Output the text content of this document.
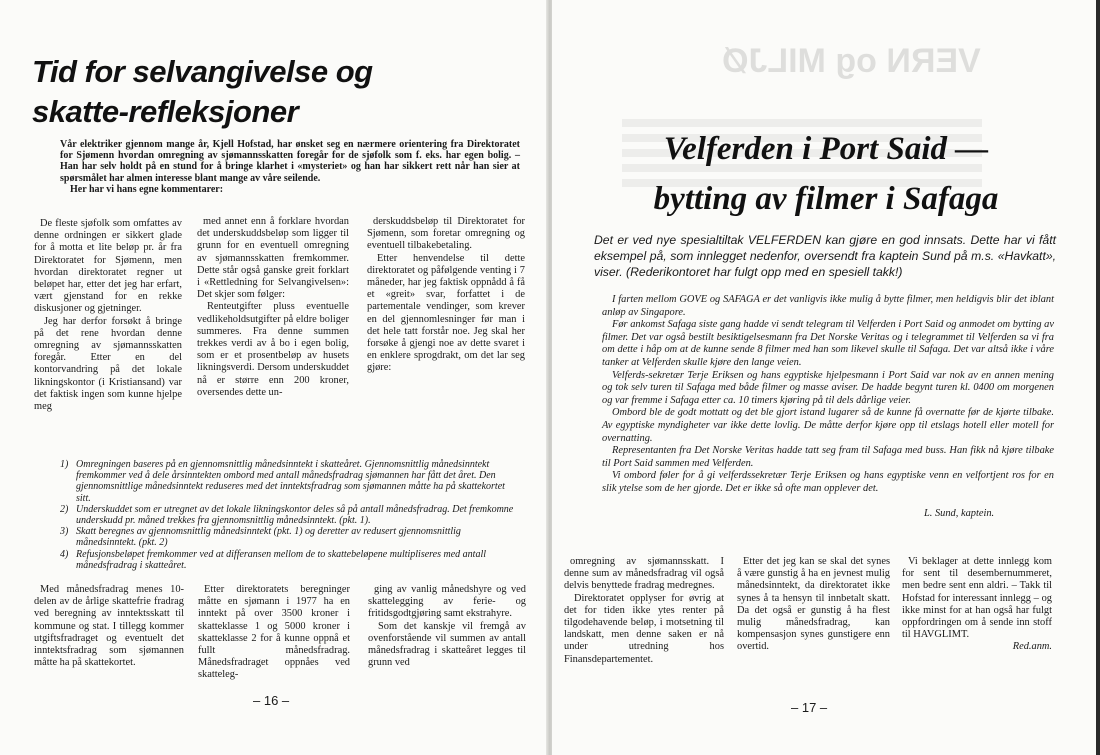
Tid for selvangivelse og
skatte-refleksjoner

Vår elektriker gjennom mange år, Kjell Hofstad, har ønsket seg en nærmere orientering fra Direktoratet for Sjømenn hvordan omregning av sjømannsskatten foregår for de sjøfolk som f. eks. har egen bolig. – Han har selv holdt på en stund for å bringe klarhet i «mysteriet» og han har sikkert rett når han sier at spørsmålet har almen interesse blant mange av våre seilende.

Her har vi hans egne kommentarer:

De fleste sjøfolk som omfattes av denne ordningen er sikkert glade for å motta et lite beløp pr. år fra Direktoratet for Sjømenn, men hvordan direktoratet regner ut beløpet har, etter det jeg har erfart, vært gjenstand for en rekke diskusjoner og gjetninger.

Jeg har derfor forsøkt å bringe på det rene hvordan denne omregning av sjømannsskatten foregår. Etter en del kontorvandring på det lokale likningskontor (i Kristiansand) var det faktisk ingen som kunne hjelpe meg

med annet enn å forklare hvordan det underskuddsbeløp som ligger til grunn for en eventuell omregning av sjømannsskatten fremkommer. Dette står også ganske greit forklart i «Rettledning for Selvangivelsen»: Det skjer som følger:

Renteutgifter pluss eventuelle vedlikeholdsutgifter på eldre boliger summeres. Fra denne summen trekkes verdi av å bo i egen bolig, som er et prosentbeløp av husets likningsverdi. Dersom underskuddet nå er større enn 200 kroner, oversendes dette un-

derskuddsbeløp til Direktoratet for Sjømenn, som foretar omregning og eventuell tilbakebetaling.

Etter henvendelse til dette direktoratet og påfølgende venting i 7 måneder, har jeg faktisk oppnådd å få et «greit» svar, forfattet i de partementale vendinger, som krever en del gjennomlesninger før man i det hele tatt forstår noe. Jeg skal her forsøke å gjengi noe av dette svaret i en enklere sprogdrakt, om det lar seg gjøre:

1) Omregningen baseres på en gjennomsnittlig månedsinntekt i skatteåret. Gjennomsnittlig månedsinntekt fremkommer ved å dele årsinntekten ombord med antall månedsfradrag sjømannen har fått det året. Den gjennomsnittlige månedsinntekt reduseres med det inntektsfradrag som sjømannen måtte ha på skattekortet sitt.
2) Underskuddet som er utregnet av det lokale likningskontor deles så på antall månedsfradrag. Det fremkomne underskudd pr. måned trekkes fra gjennomsnittlig månedsinntekt. (pkt. 1).
3) Skatt beregnes av gjennomsnittlig månedsinntekt (pkt. 1) og deretter av redusert gjennomsnittlig månedsinntekt. (pkt. 2)
4) Refusjonsbeløpet fremkommer ved at differansen mellom de to skattebeløpene multipliseres med antall månedsfradrag i skatteåret.

Med månedsfradrag menes 10-delen av de årlige skattefrie fradrag ved beregning av inntektsskatt til kommune og stat. I tillegg kommer utgiftsfradraget og eventuelt det inntektsfradrag som sjømannen måtte ha på skattekortet.

Etter direktoratets beregninger måtte en sjømann i 1977 ha en inntekt på over 3500 kroner i skatteklasse 1 og 5000 kroner i skatteklasse 2 for å kunne oppnå et fullt månedsfradrag. Månedsfradraget oppnåes ved skatteleg-

ging av vanlig månedshyre og ved skattelegging av ferie- og fritidsgodtgjøring samt ekstrahyre.

Som det kanskje vil fremgå av ovenforstående vil summen av antall månedsfradrag i skatteåret legges til grunn ved

– 16 –
VERN og MILJØ
Velferden i Port Said —
bytting av filmer i Safaga

Det er ved nye spesialtiltak VELFERDEN kan gjøre en god innsats. Dette har vi fått eksempel på, som innlegget nedenfor, oversendt fra kaptein Sund på m.s. «Havkatt», viser. (Rederikontoret har fulgt opp med en spesiell takk!)

I farten mellom GOVE og SAFAGA er det vanligvis ikke mulig å bytte filmer, men heldigvis blir det iblant anløp av Singapore.

Før ankomst Safaga siste gang hadde vi sendt telegram til Velferden i Port Said og anmodet om bytting av filmer. Det var også bestilt besiktigelsesmann fra Det Norske Veritas og i telegrammet til Velferden sa vi fra om dette i håp om at de kunne sende 8 filmer med han som likevel skulle til Safaga. Det var altså ikke i våre tanker at Velferden skulle kjøre den lange veien.

Velferds-sekretær Terje Eriksen og hans egyptiske hjelpesmann i Port Said var nok av en annen mening og tok selv turen til Safaga med både filmer og masse aviser. De hadde begynt turen kl. 0400 om morgenen og var fremme i Safaga etter ca. 10 timers kjøring på til dels dårlige veier.

Ombord ble de godt mottatt og det ble gjort istand lugarer så de kunne få overnatte før de kjørte tilbake. Av egyptiske myndigheter var ikke dette lovlig. De måtte derfor kjøre opp til etslags hotell eller motell for overnatting.

Representanten fra Det Norske Veritas hadde tatt seg fram til Safaga med buss. Han fikk nå kjøre tilbake til Port Said sammen med Velferden.

Vi ombord føler for å gi velferdssekretær Terje Eriksen og hans egyptiske venn en velfortjent ros for en slik ytelse som de her gjorde. Det er ikke så ofte man opplever det.

L. Sund, kaptein.

omregning av sjømannsskatt. I denne sum av månedsfradrag vil også delvis benyttede fradrag medregnes.

Direktoratet opplyser for øvrig at det for tiden ikke ytes renter på tilgodehavende beløp, i motsetning til landskatt, men denne saken er nå under utredning hos Finansdepartementet.

Etter det jeg kan se skal det synes å være gunstig å ha en jevnest mulig månedsinntekt, da direktoratet ikke synes å ta hensyn til innbetalt skatt. Da det også er gunstig å ha flest mulig månedsfradrag, kan kompensasjon synes gunstigere enn overtid.

Vi beklager at dette innlegg kom for sent til desembernummeret, men bedre sent enn aldri. – Takk til Hofstad for interessant innlegg – og ikke minst for at han også har fulgt oppfordringen om å sende inn stoff til HAVGLIMT.

Red.anm.

– 17 –
